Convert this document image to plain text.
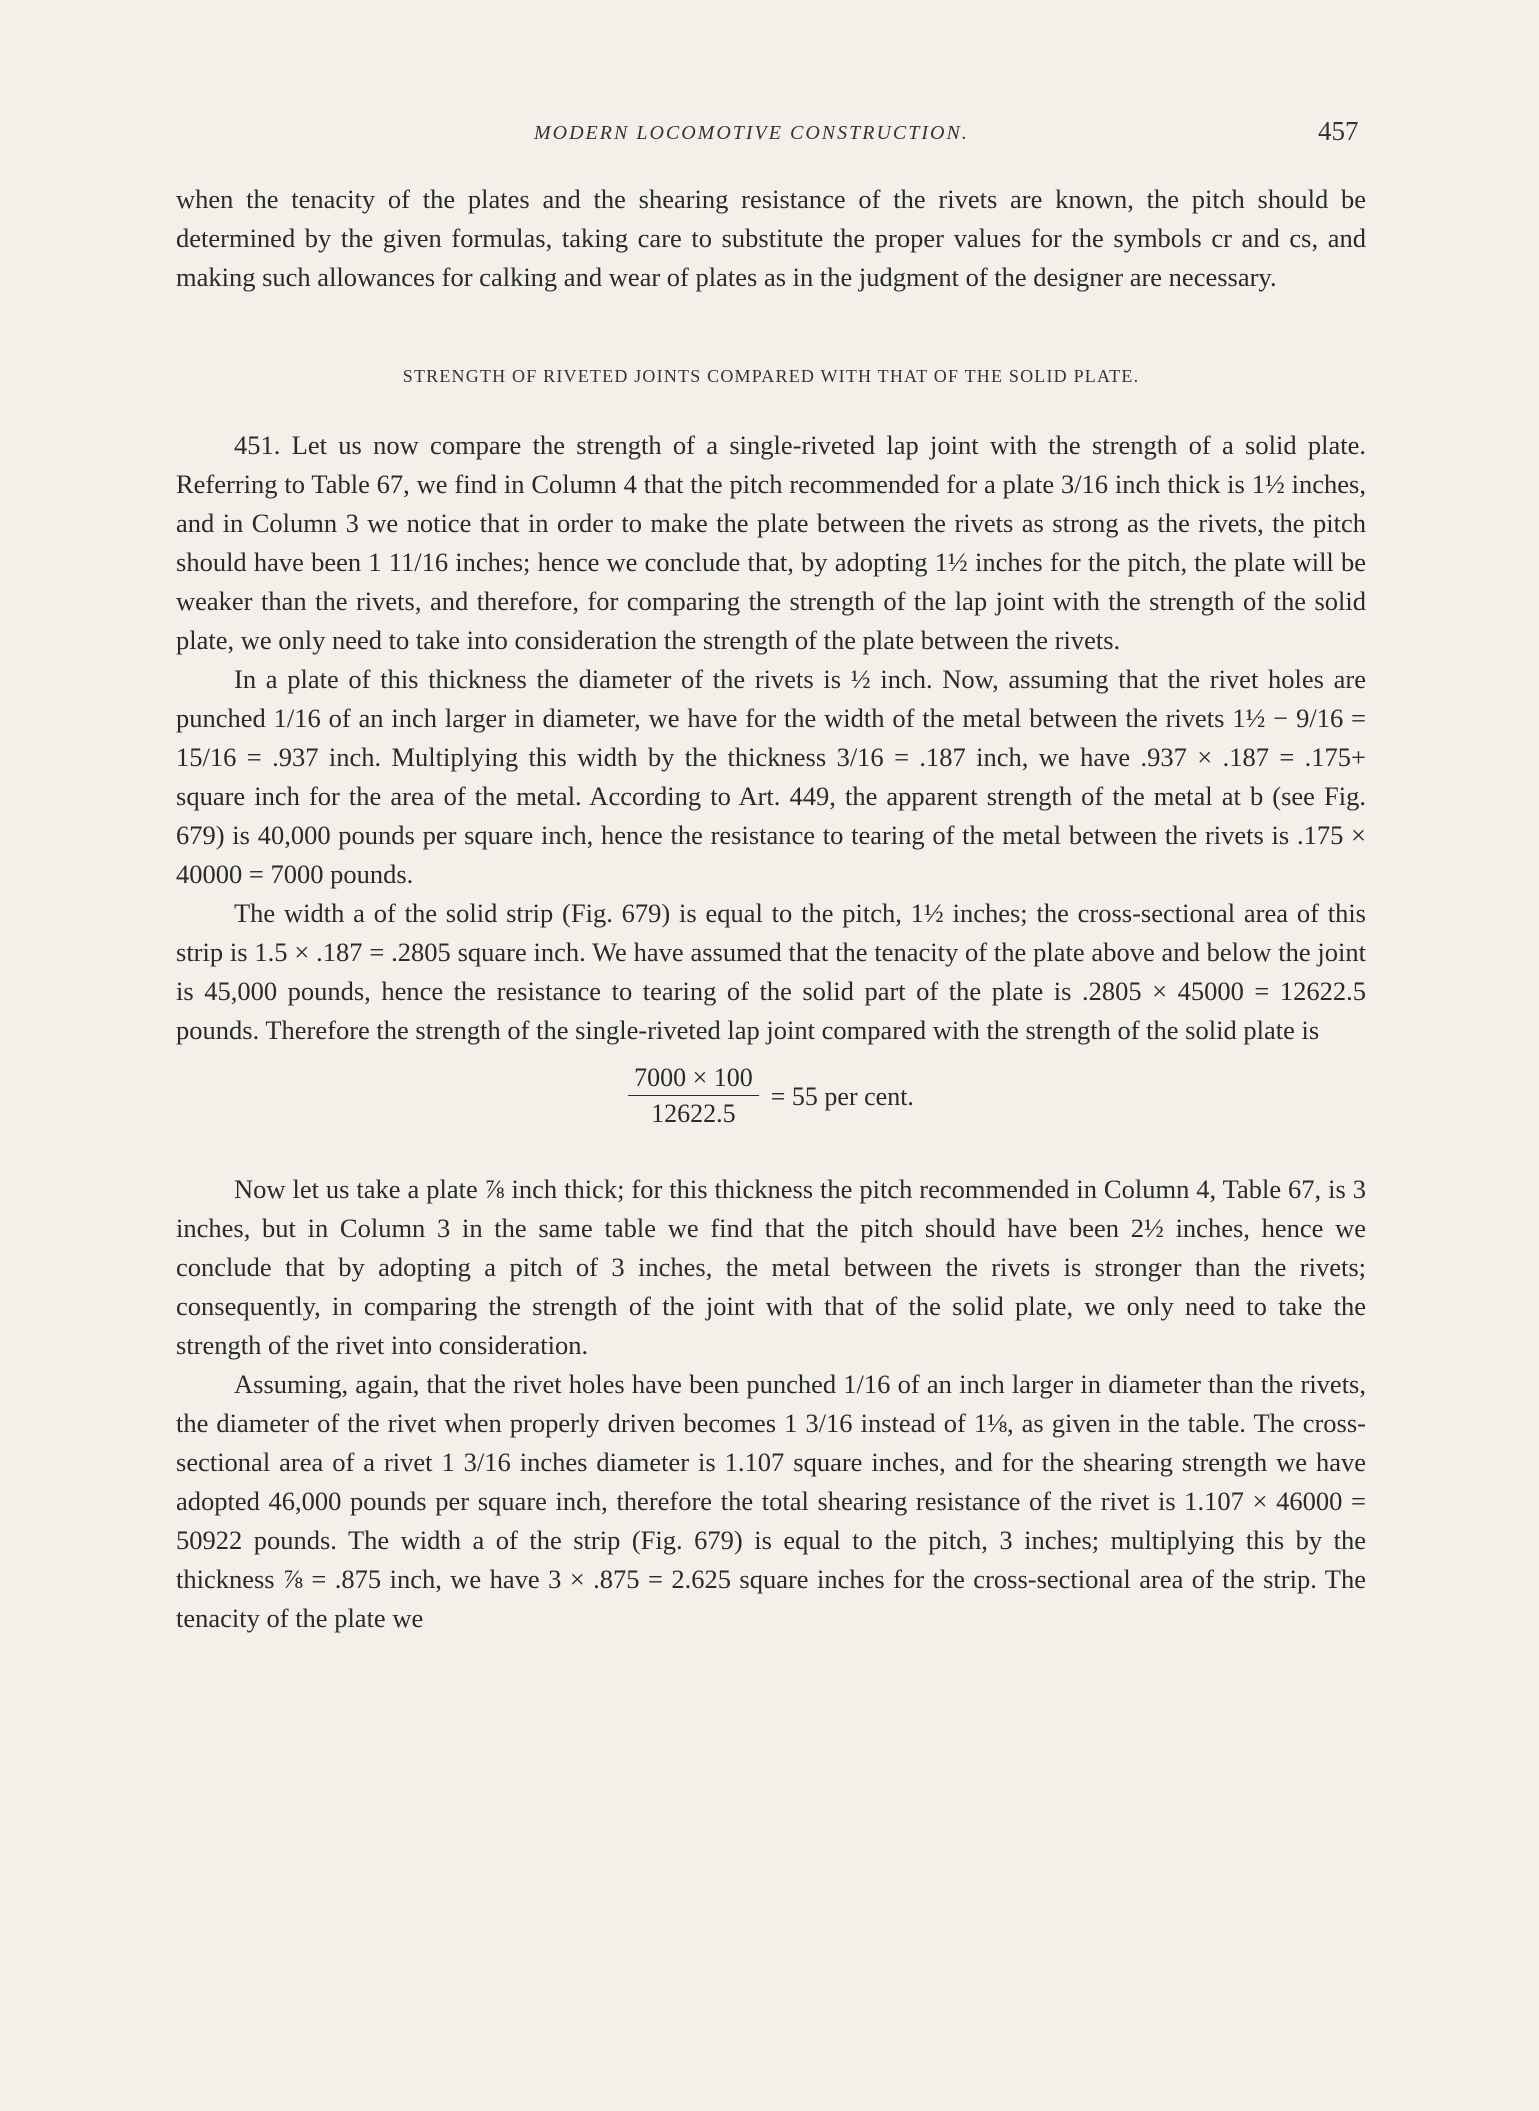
MODERN LOCOMOTIVE CONSTRUCTION.	457

when the tenacity of the plates and the shearing resistance of the rivets are known, the pitch should be determined by the given formulas, taking care to substitute the proper values for the symbols cr and cs, and making such allowances for calking and wear of plates as in the judgment of the designer are necessary.

STRENGTH OF RIVETED JOINTS COMPARED WITH THAT OF THE SOLID PLATE.

451. Let us now compare the strength of a single-riveted lap joint with the strength of a solid plate. Referring to Table 67, we find in Column 4 that the pitch recommended for a plate 3/16 inch thick is 1½ inches, and in Column 3 we notice that in order to make the plate between the rivets as strong as the rivets, the pitch should have been 1 11/16 inches; hence we conclude that, by adopting 1½ inches for the pitch, the plate will be weaker than the rivets, and therefore, for comparing the strength of the lap joint with the strength of the solid plate, we only need to take into consideration the strength of the plate between the rivets.

In a plate of this thickness the diameter of the rivets is ½ inch. Now, assuming that the rivet holes are punched 1/16 of an inch larger in diameter, we have for the width of the metal between the rivets 1½ − 9/16 = 15/16 = .937 inch. Multiplying this width by the thickness 3/16 = .187 inch, we have .937 × .187 = .175+ square inch for the area of the metal. According to Art. 449, the apparent strength of the metal at b (see Fig. 679) is 40,000 pounds per square inch, hence the resistance to tearing of the metal between the rivets is .175 × 40000 = 7000 pounds.

The width a of the solid strip (Fig. 679) is equal to the pitch, 1½ inches; the cross-sectional area of this strip is 1.5 × .187 = .2805 square inch. We have assumed that the tenacity of the plate above and below the joint is 45,000 pounds, hence the resistance to tearing of the solid part of the plate is .2805 × 45000 = 12622.5 pounds. Therefore the strength of the single-riveted lap joint compared with the strength of the solid plate is

$\frac{7000 \times 100}{12622.5} = 55$ per cent.

Now let us take a plate ⅞ inch thick; for this thickness the pitch recommended in Column 4, Table 67, is 3 inches, but in Column 3 in the same table we find that the pitch should have been 2½ inches, hence we conclude that by adopting a pitch of 3 inches, the metal between the rivets is stronger than the rivets; consequently, in comparing the strength of the joint with that of the solid plate, we only need to take the strength of the rivet into consideration.

Assuming, again, that the rivet holes have been punched 1/16 of an inch larger in diameter than the rivets, the diameter of the rivet when properly driven becomes 1 3/16 instead of 1⅛, as given in the table. The cross-sectional area of a rivet 1 3/16 inches diameter is 1.107 square inches, and for the shearing strength we have adopted 46,000 pounds per square inch, therefore the total shearing resistance of the rivet is 1.107 × 46000 = 50922 pounds. The width a of the strip (Fig. 679) is equal to the pitch, 3 inches; multiplying this by the thickness ⅞ = .875 inch, we have 3 × .875 = 2.625 square inches for the cross-sectional area of the strip. The tenacity of the plate we
